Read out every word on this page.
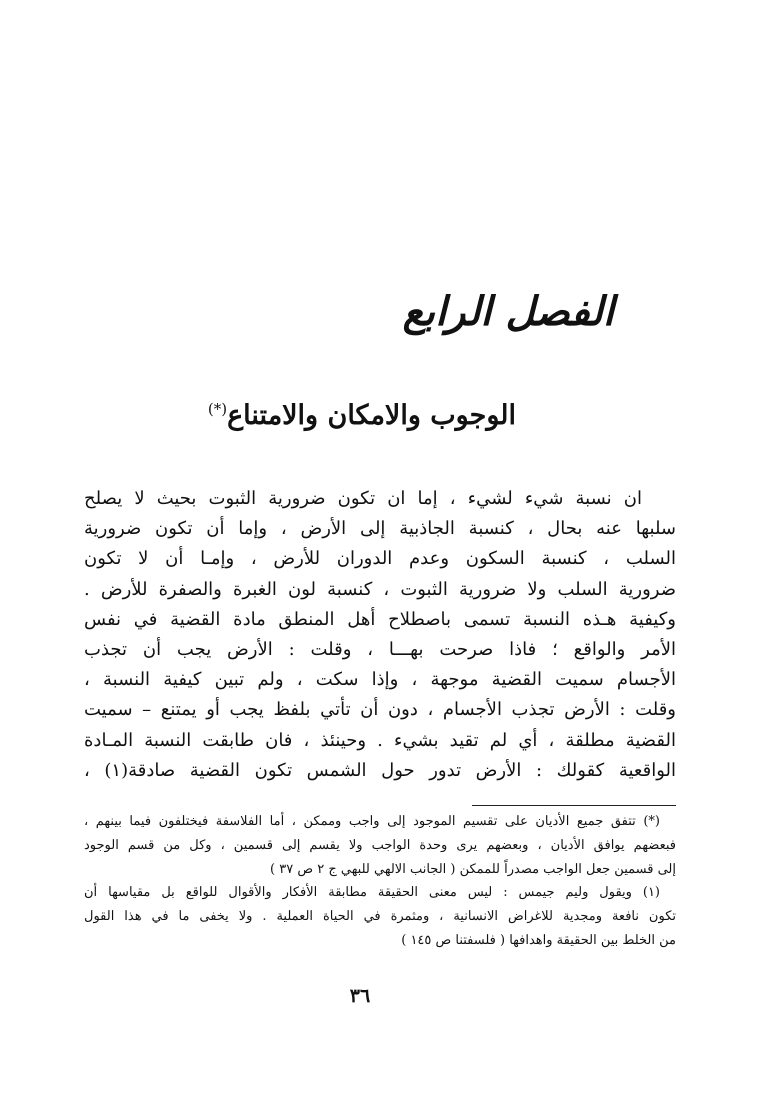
الفصل الرابع
الوجوب والامكان والامتناع(*)
ان نسبة شيء لشيء ، إما ان تكون ضرورية الثبوت بحيث لا يصلح
سلبها عنه بحال ، كنسبة الجاذبية إلى الأرض ، وإما أن تكون ضرورية
السلب ، كنسبة السكون وعدم الدوران للأرض ، وإمـا أن لا تكون
ضرورية السلب ولا ضرورية الثبوت ، كنسبة لون الغبرة والصفرة للأرض .
وكيفية هـذه النسبة تسمى باصطلاح أهل المنطق مادة القضية في نفس
الأمر والواقع ؛ فاذا صرحت بهـــا ، وقلت : الأرض يجب أن تجذب
الأجسام سميت القضية موجهة ، وإذا سكت ، ولم تبين كيفية النسبة ،
وقلت : الأرض تجذب الأجسام ، دون أن تأتي بلفظ يجب أو يمتنع – سميت
القضية مطلقة ، أي لم تقيد بشيء . وحينئذ ، فان طابقت النسبة المـادة
الواقعية كقولك : الأرض تدور حول الشمس تكون القضية صادقة(١) ،
(*) تتفق جميع الأديان على تقسيم الموجود إلى واجب وممكن ، أما الفلاسفة فيختلفون فيما بينهم ،
فبعضهم يوافق الأديان ، وبعضهم يرى وحدة الواجب ولا يقسم إلى قسمين ، وكل من قسم الوجود
إلى قسمين جعل الواجب مصدراً للممكن ( الجانب الالهي للبهي ج ٢ ص ٣٧ )
(١) ويقول وليم جيمس : ليس معنى الحقيقة مطابقة الأفكار والأقوال للواقع بل مقياسها أن
تكون نافعة ومجدية للاغراض الانسانية ، ومثمرة في الحياة العملية . ولا يخفى ما في هذا القول
من الخلط بين الحقيقة واهدافها ( فلسفتنا ص ١٤٥ )
٣٦
